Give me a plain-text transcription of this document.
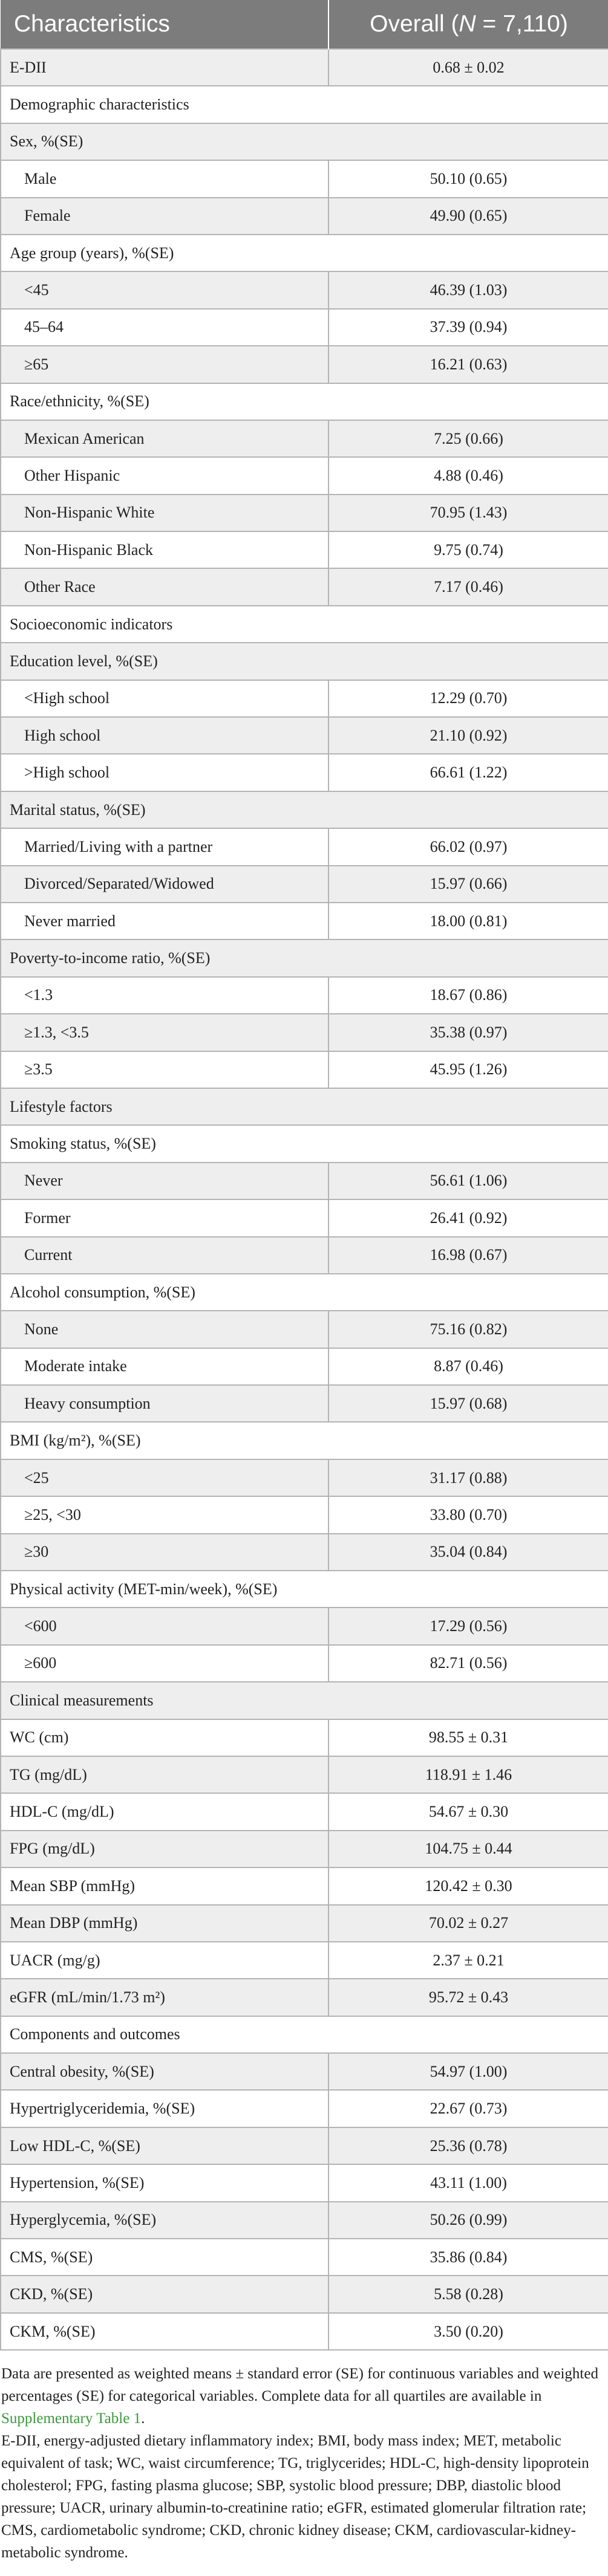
Characteristics	Overall (N = 7,110)
E-DII	0.68 ± 0.02
Demographic characteristics	
Sex, %(SE)	
Male	50.10 (0.65)
Female	49.90 (0.65)
Age group (years), %(SE)	
<45	46.39 (1.03)
45–64	37.39 (0.94)
≥65	16.21 (0.63)
Race/ethnicity, %(SE)	
Mexican American	7.25 (0.66)
Other Hispanic	4.88 (0.46)
Non-Hispanic White	70.95 (1.43)
Non-Hispanic Black	9.75 (0.74)
Other Race	7.17 (0.46)
Socioeconomic indicators	
Education level, %(SE)	
<High school	12.29 (0.70)
High school	21.10 (0.92)
>High school	66.61 (1.22)
Marital status, %(SE)	
Married/Living with a partner	66.02 (0.97)
Divorced/Separated/Widowed	15.97 (0.66)
Never married	18.00 (0.81)
Poverty-to-income ratio, %(SE)	
<1.3	18.67 (0.86)
≥1.3, <3.5	35.38 (0.97)
≥3.5	45.95 (1.26)
Lifestyle factors	
Smoking status, %(SE)	
Never	56.61 (1.06)
Former	26.41 (0.92)
Current	16.98 (0.67)
Alcohol consumption, %(SE)	
None	75.16 (0.82)
Moderate intake	8.87 (0.46)
Heavy consumption	15.97 (0.68)
BMI (kg/m²), %(SE)	
<25	31.17 (0.88)
≥25, <30	33.80 (0.70)
≥30	35.04 (0.84)
Physical activity (MET-min/week), %(SE)	
<600	17.29 (0.56)
≥600	82.71 (0.56)
Clinical measurements	
WC (cm)	98.55 ± 0.31
TG (mg/dL)	118.91 ± 1.46
HDL-C (mg/dL)	54.67 ± 0.30
FPG (mg/dL)	104.75 ± 0.44
Mean SBP (mmHg)	120.42 ± 0.30
Mean DBP (mmHg)	70.02 ± 0.27
UACR (mg/g)	2.37 ± 0.21
eGFR (mL/min/1.73 m²)	95.72 ± 0.43
Components and outcomes	
Central obesity, %(SE)	54.97 (1.00)
Hypertriglyceridemia, %(SE)	22.67 (0.73)
Low HDL-C, %(SE)	25.36 (0.78)
Hypertension, %(SE)	43.11 (1.00)
Hyperglycemia, %(SE)	50.26 (0.99)
CMS, %(SE)	35.86 (0.84)
CKD, %(SE)	5.58 (0.28)
CKM, %(SE)	3.50 (0.20)

Data are presented as weighted means ± standard error (SE) for continuous variables and weighted percentages (SE) for categorical variables. Complete data for all quartiles are available in Supplementary Table 1.

E-DII, energy-adjusted dietary inflammatory index; BMI, body mass index; MET, metabolic equivalent of task; WC, waist circumference; TG, triglycerides; HDL-C, high-density lipoprotein cholesterol; FPG, fasting plasma glucose; SBP, systolic blood pressure; DBP, diastolic blood pressure; UACR, urinary albumin-to-creatinine ratio; eGFR, estimated glomerular filtration rate; CMS, cardiometabolic syndrome; CKD, chronic kidney disease; CKM, cardiovascular-kidney-metabolic syndrome.
